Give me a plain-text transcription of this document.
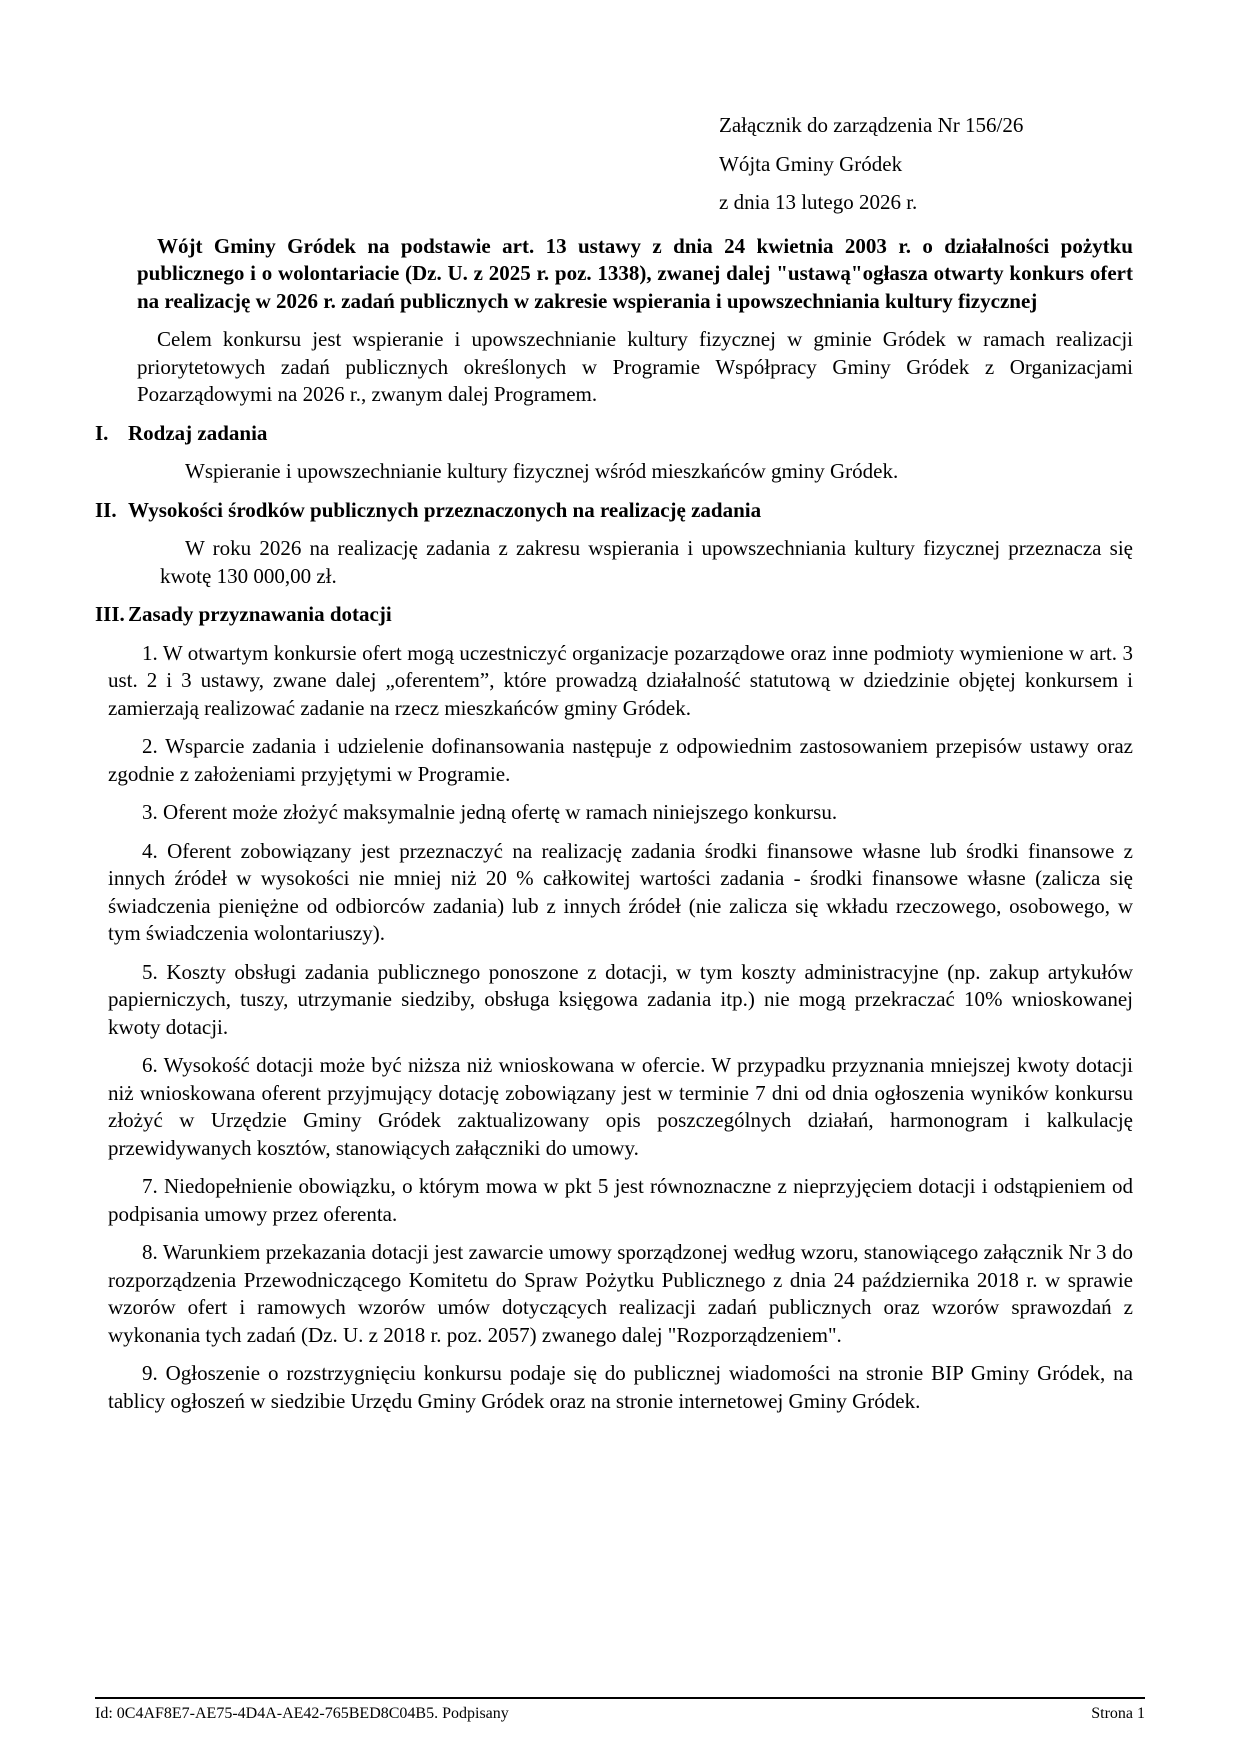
Załącznik do zarządzenia Nr 156/26

Wójta Gminy Gródek

z dnia 13 lutego 2026 r.

Wójt Gminy Gródek na podstawie art. 13 ustawy z dnia 24 kwietnia 2003 r. o działalności pożytku publicznego i o wolontariacie (Dz. U. z 2025 r. poz. 1338), zwanej dalej "ustawą"ogłasza otwarty konkurs ofert na realizację w 2026 r. zadań publicznych w zakresie wspierania i upowszechniania kultury fizycznej

Celem konkursu jest wspieranie i upowszechnianie kultury fizycznej w gminie Gródek w ramach realizacji priorytetowych zadań publicznych określonych w Programie Współpracy Gminy Gródek z Organizacjami Pozarządowymi na 2026 r., zwanym dalej Programem.

I. Rodzaj zadania

Wspieranie i upowszechnianie kultury fizycznej wśród mieszkańców gminy Gródek.

II. Wysokości środków publicznych przeznaczonych na realizację zadania

W roku 2026 na realizację zadania z zakresu wspierania i upowszechniania kultury fizycznej przeznacza się kwotę 130 000,00 zł.

III. Zasady przyznawania dotacji

1. W otwartym konkursie ofert mogą uczestniczyć organizacje pozarządowe oraz inne podmioty wymienione w art. 3 ust. 2 i 3 ustawy, zwane dalej „oferentem”, które prowadzą działalność statutową w dziedzinie objętej konkursem i zamierzają realizować zadanie na rzecz mieszkańców gminy Gródek.

2. Wsparcie zadania i udzielenie dofinansowania następuje z odpowiednim zastosowaniem przepisów ustawy oraz zgodnie z założeniami przyjętymi w Programie.

3. Oferent może złożyć maksymalnie jedną ofertę w ramach niniejszego konkursu.

4. Oferent zobowiązany jest przeznaczyć na realizację zadania środki finansowe własne lub środki finansowe z innych źródeł w wysokości nie mniej niż 20 % całkowitej wartości zadania - środki finansowe własne (zalicza się świadczenia pieniężne od odbiorców zadania) lub z innych źródeł (nie zalicza się wkładu rzeczowego, osobowego, w tym świadczenia wolontariuszy).

5. Koszty obsługi zadania publicznego ponoszone z dotacji, w tym koszty administracyjne (np. zakup artykułów papierniczych, tuszy, utrzymanie siedziby, obsługa księgowa zadania itp.) nie mogą przekraczać 10% wnioskowanej kwoty dotacji.

6. Wysokość dotacji może być niższa niż wnioskowana w ofercie. W przypadku przyznania mniejszej kwoty dotacji niż wnioskowana oferent przyjmujący dotację zobowiązany jest w terminie 7 dni od dnia ogłoszenia wyników konkursu złożyć w Urzędzie Gminy Gródek zaktualizowany opis poszczególnych działań, harmonogram i kalkulację przewidywanych kosztów, stanowiących załączniki do umowy.

7. Niedopełnienie obowiązku, o którym mowa w pkt 5 jest równoznaczne z nieprzyjęciem dotacji i odstąpieniem od podpisania umowy przez oferenta.

8. Warunkiem przekazania dotacji jest zawarcie umowy sporządzonej według wzoru, stanowiącego załącznik Nr 3 do rozporządzenia Przewodniczącego Komitetu do Spraw Pożytku Publicznego z dnia 24 października 2018 r. w sprawie wzorów ofert i ramowych wzorów umów dotyczących realizacji zadań publicznych oraz wzorów sprawozdań z wykonania tych zadań (Dz. U. z 2018 r. poz. 2057) zwanego dalej "Rozporządzeniem".

9. Ogłoszenie o rozstrzygnięciu konkursu podaje się do publicznej wiadomości na stronie BIP Gminy Gródek, na tablicy ogłoszeń w siedzibie Urzędu Gminy Gródek oraz na stronie internetowej Gminy Gródek.

Id: 0C4AF8E7-AE75-4D4A-AE42-765BED8C04B5. Podpisany	Strona 1
